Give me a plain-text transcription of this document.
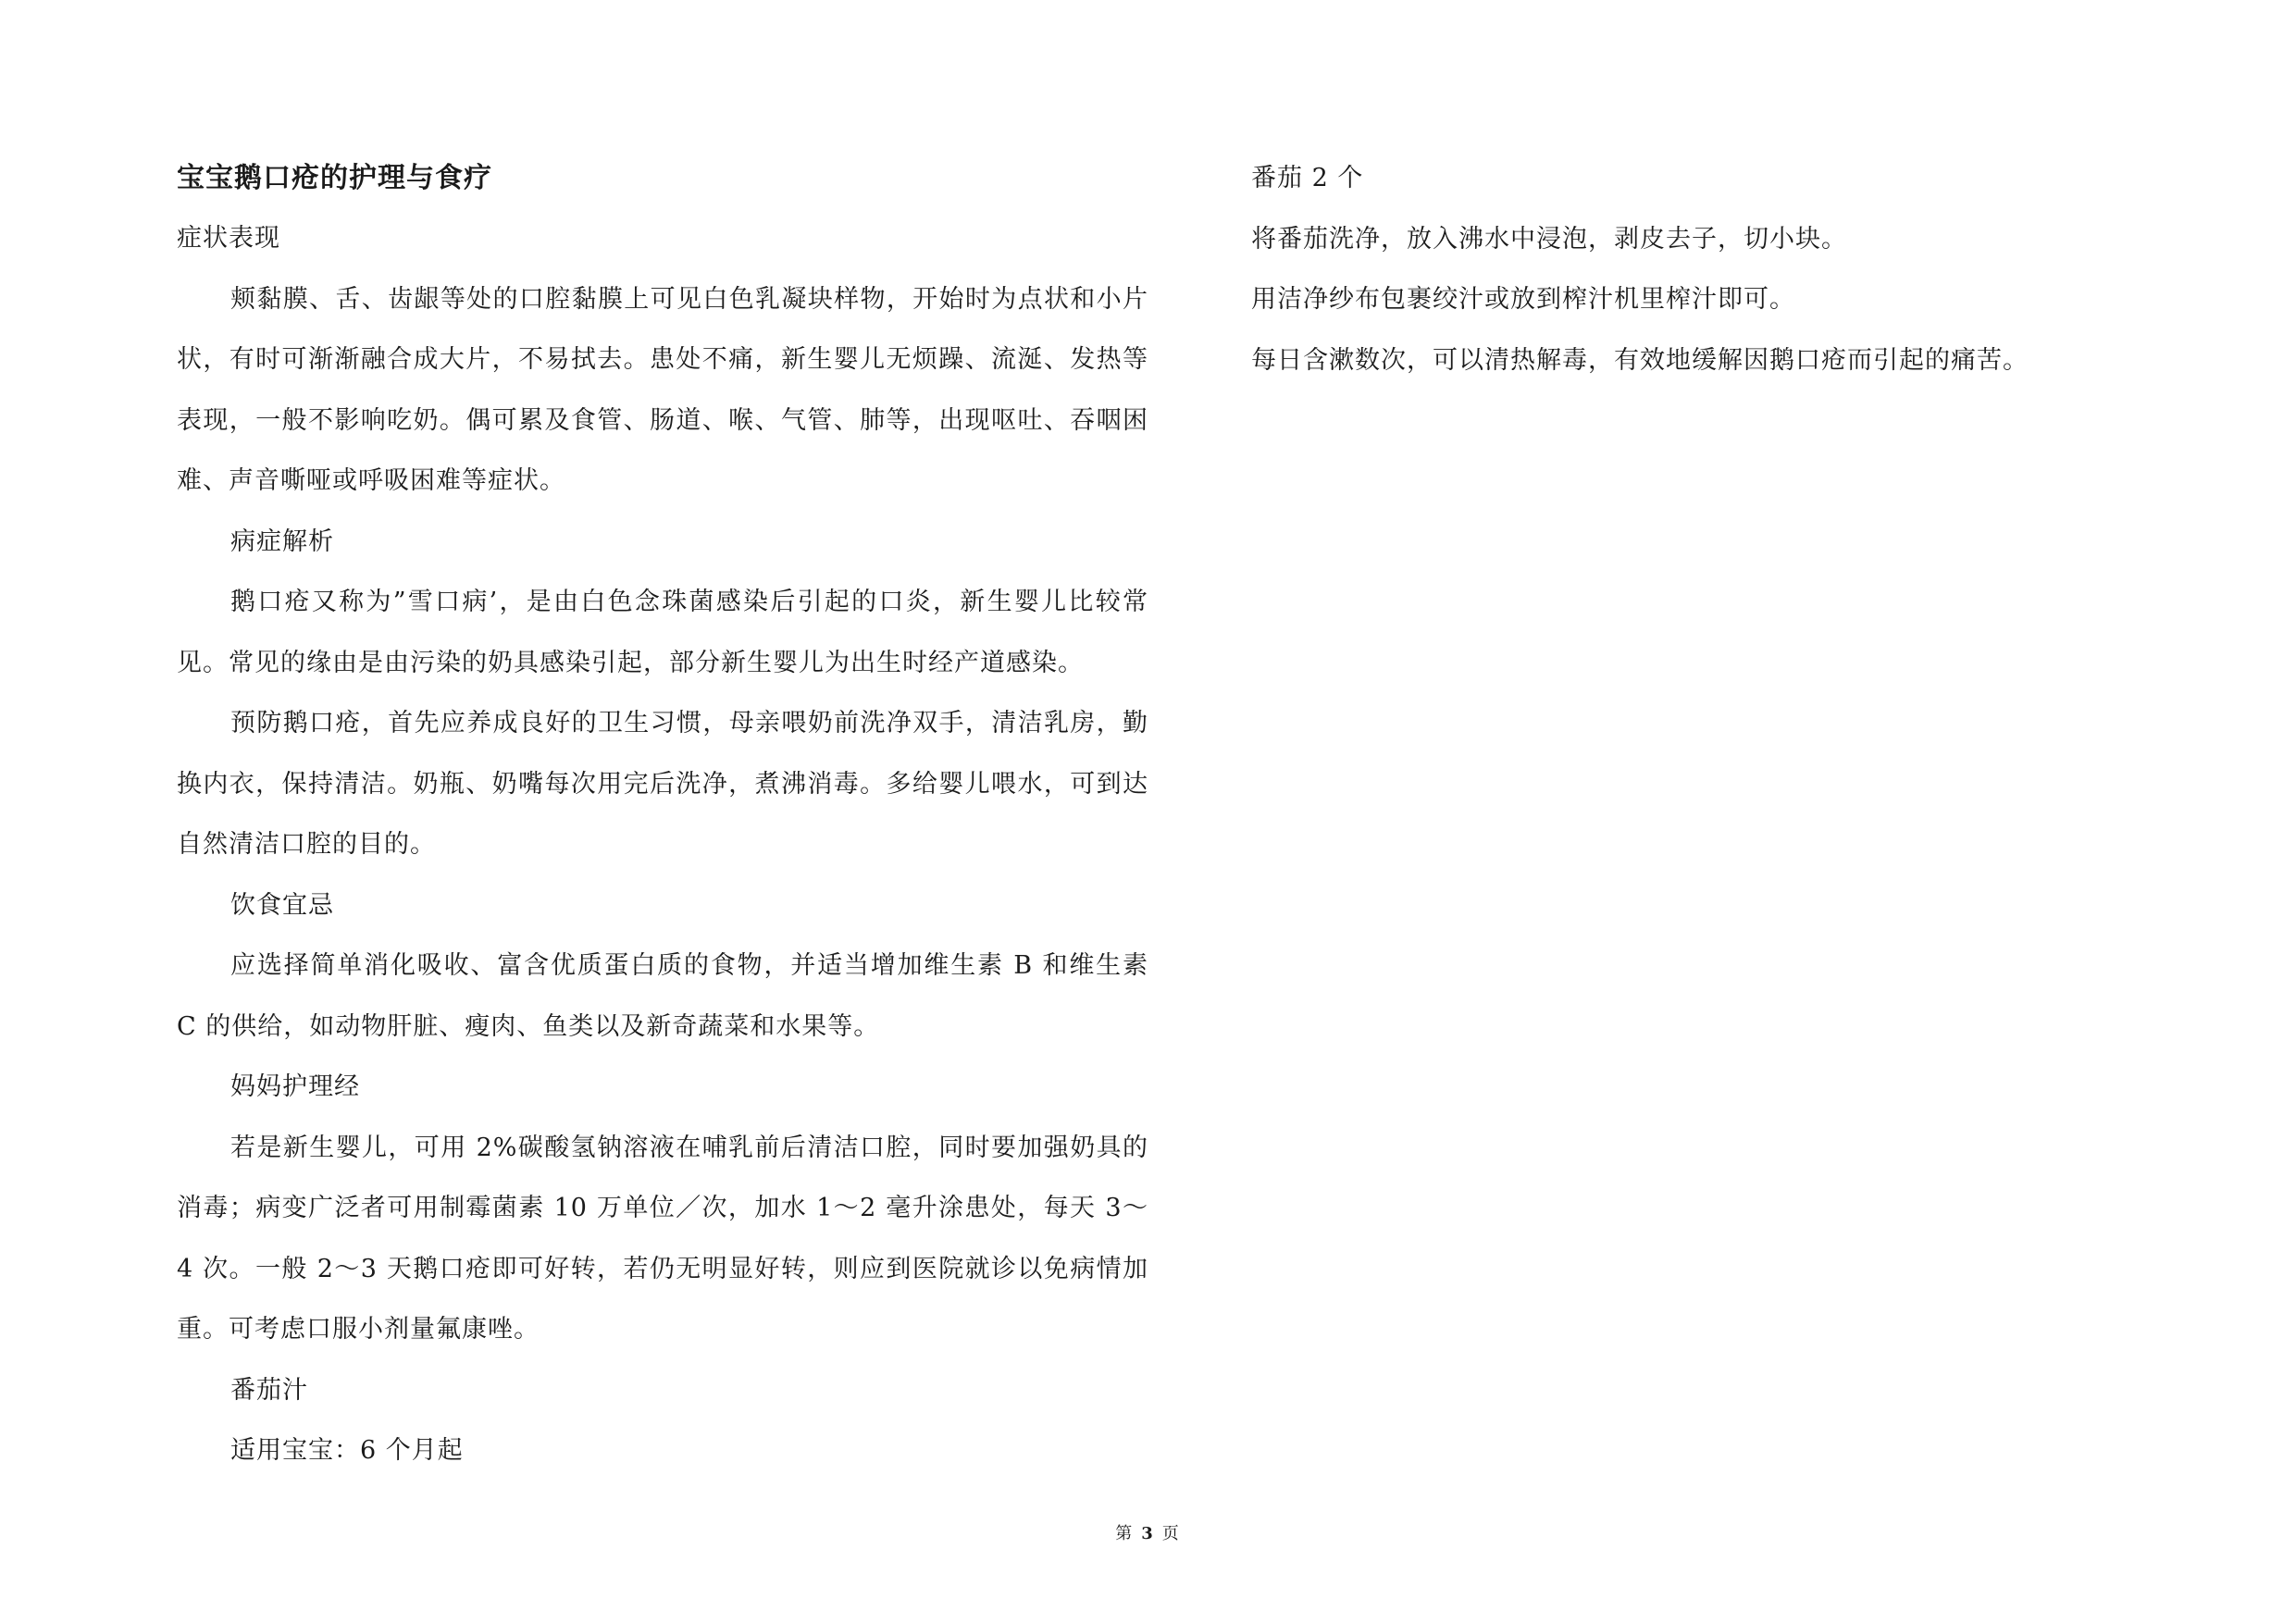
宝宝鹅口疮的护理与食疗

症状表现

颊黏膜、舌、齿龈等处的口腔黏膜上可见白色乳凝块样物，开始时为点状和小片状，有时可渐渐融合成大片，不易拭去。患处不痛，新生婴儿无烦躁、流涎、发热等表现，一般不影响吃奶。偶可累及食管、肠道、喉、气管、肺等，出现呕吐、吞咽困难、声音嘶哑或呼吸困难等症状。

病症解析

鹅口疮又称为”雪口病’，是由白色念珠菌感染后引起的口炎，新生婴儿比较常见。常见的缘由是由污染的奶具感染引起，部分新生婴儿为出生时经产道感染。

预防鹅口疮，首先应养成良好的卫生习惯，母亲喂奶前洗净双手，清洁乳房，勤换内衣，保持清洁。奶瓶、奶嘴每次用完后洗净，煮沸消毒。多给婴儿喂水，可到达自然清洁口腔的目的。

饮食宜忌

应选择简单消化吸收、富含优质蛋白质的食物，并适当增加维生素 B 和维生素 C 的供给，如动物肝脏、瘦肉、鱼类以及新奇蔬菜和水果等。

妈妈护理经

若是新生婴儿，可用 2%碳酸氢钠溶液在哺乳前后清洁口腔，同时要加强奶具的消毒；病变广泛者可用制霉菌素 10 万单位／次，加水 1～2 毫升涂患处，每天 3～4 次。一般 2～3 天鹅口疮即可好转，若仍无明显好转，则应到医院就诊以免病情加重。可考虑口服小剂量氟康唑。

番茄汁

适用宝宝：6 个月起

番茄 2 个

将番茄洗净，放入沸水中浸泡，剥皮去子，切小块。

用洁净纱布包裹绞汁或放到榨汁机里榨汁即可。

每日含漱数次，可以清热解毒，有效地缓解因鹅口疮而引起的痛苦。

第 3 页
